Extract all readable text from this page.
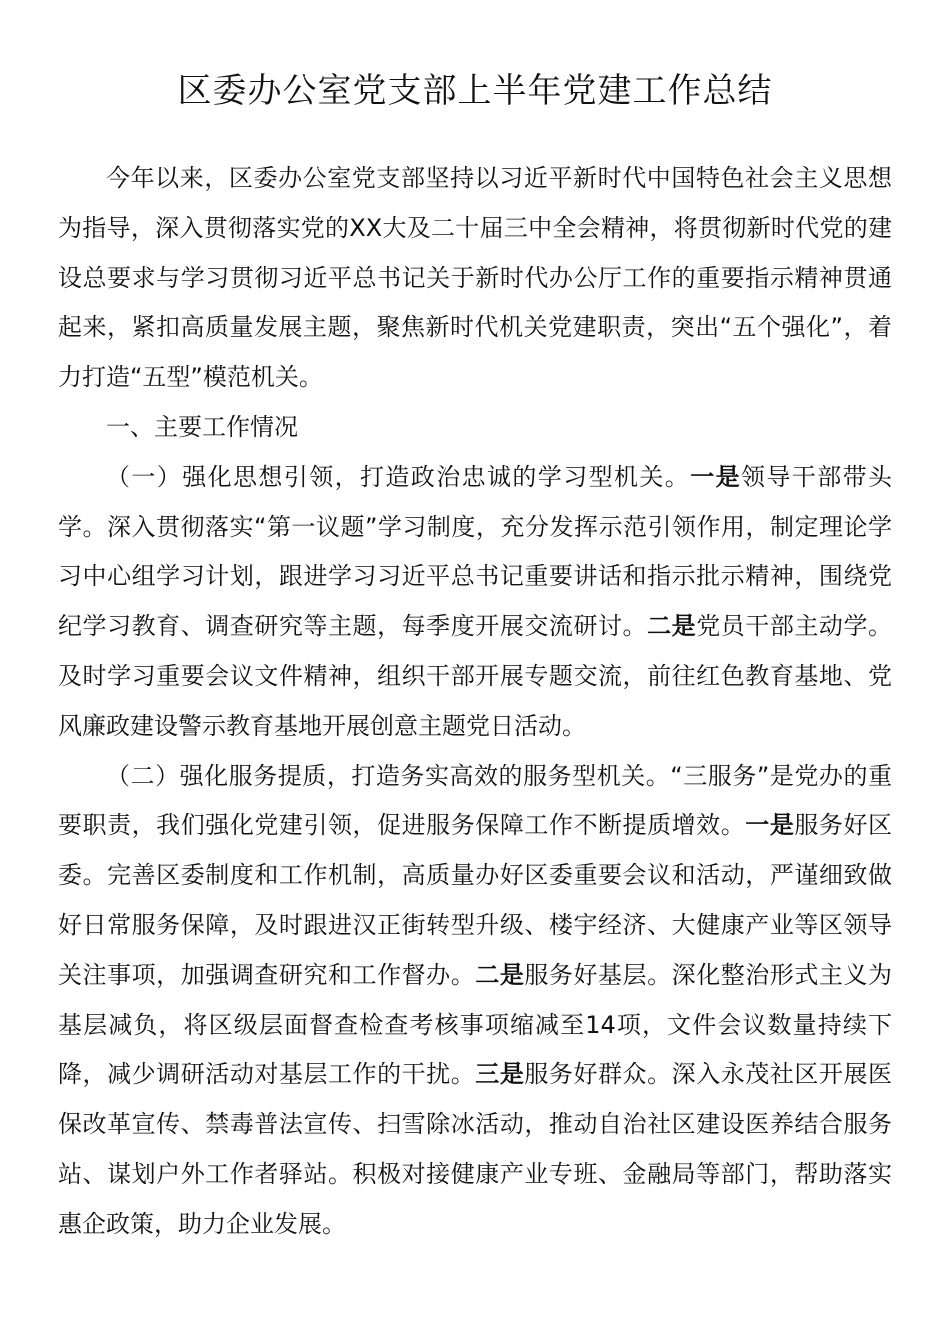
区委办公室党支部上半年党建工作总结

今年以来，区委办公室党支部坚持以习近平新时代中国特色社会主义思想为指导，深入贯彻落实党的XX大及二十届三中全会精神，将贯彻新时代党的建设总要求与学习贯彻习近平总书记关于新时代办公厅工作的重要指示精神贯通起来，紧扣高质量发展主题，聚焦新时代机关党建职责，突出“五个强化”，着力打造“五型”模范机关。

一、主要工作情况

（一）强化思想引领，打造政治忠诚的学习型机关。一是领导干部带头学。深入贯彻落实“第一议题”学习制度，充分发挥示范引领作用，制定理论学习中心组学习计划，跟进学习习近平总书记重要讲话和指示批示精神，围绕党纪学习教育、调查研究等主题，每季度开展交流研讨。二是党员干部主动学。及时学习重要会议文件精神，组织干部开展专题交流，前往红色教育基地、党风廉政建设警示教育基地开展创意主题党日活动。

（二）强化服务提质，打造务实高效的服务型机关。“三服务”是党办的重要职责，我们强化党建引领，促进服务保障工作不断提质增效。一是服务好区委。完善区委制度和工作机制，高质量办好区委重要会议和活动，严谨细致做好日常服务保障，及时跟进汉正街转型升级、楼宇经济、大健康产业等区领导关注事项，加强调查研究和工作督办。二是服务好基层。深化整治形式主义为基层减负，将区级层面督查检查考核事项缩减至14项，文件会议数量持续下降，减少调研活动对基层工作的干扰。三是服务好群众。深入永茂社区开展医保改革宣传、禁毒普法宣传、扫雪除冰活动，推动自治社区建设医养结合服务站、谋划户外工作者驿站。积极对接健康产业专班、金融局等部门，帮助落实惠企政策，助力企业发展。
